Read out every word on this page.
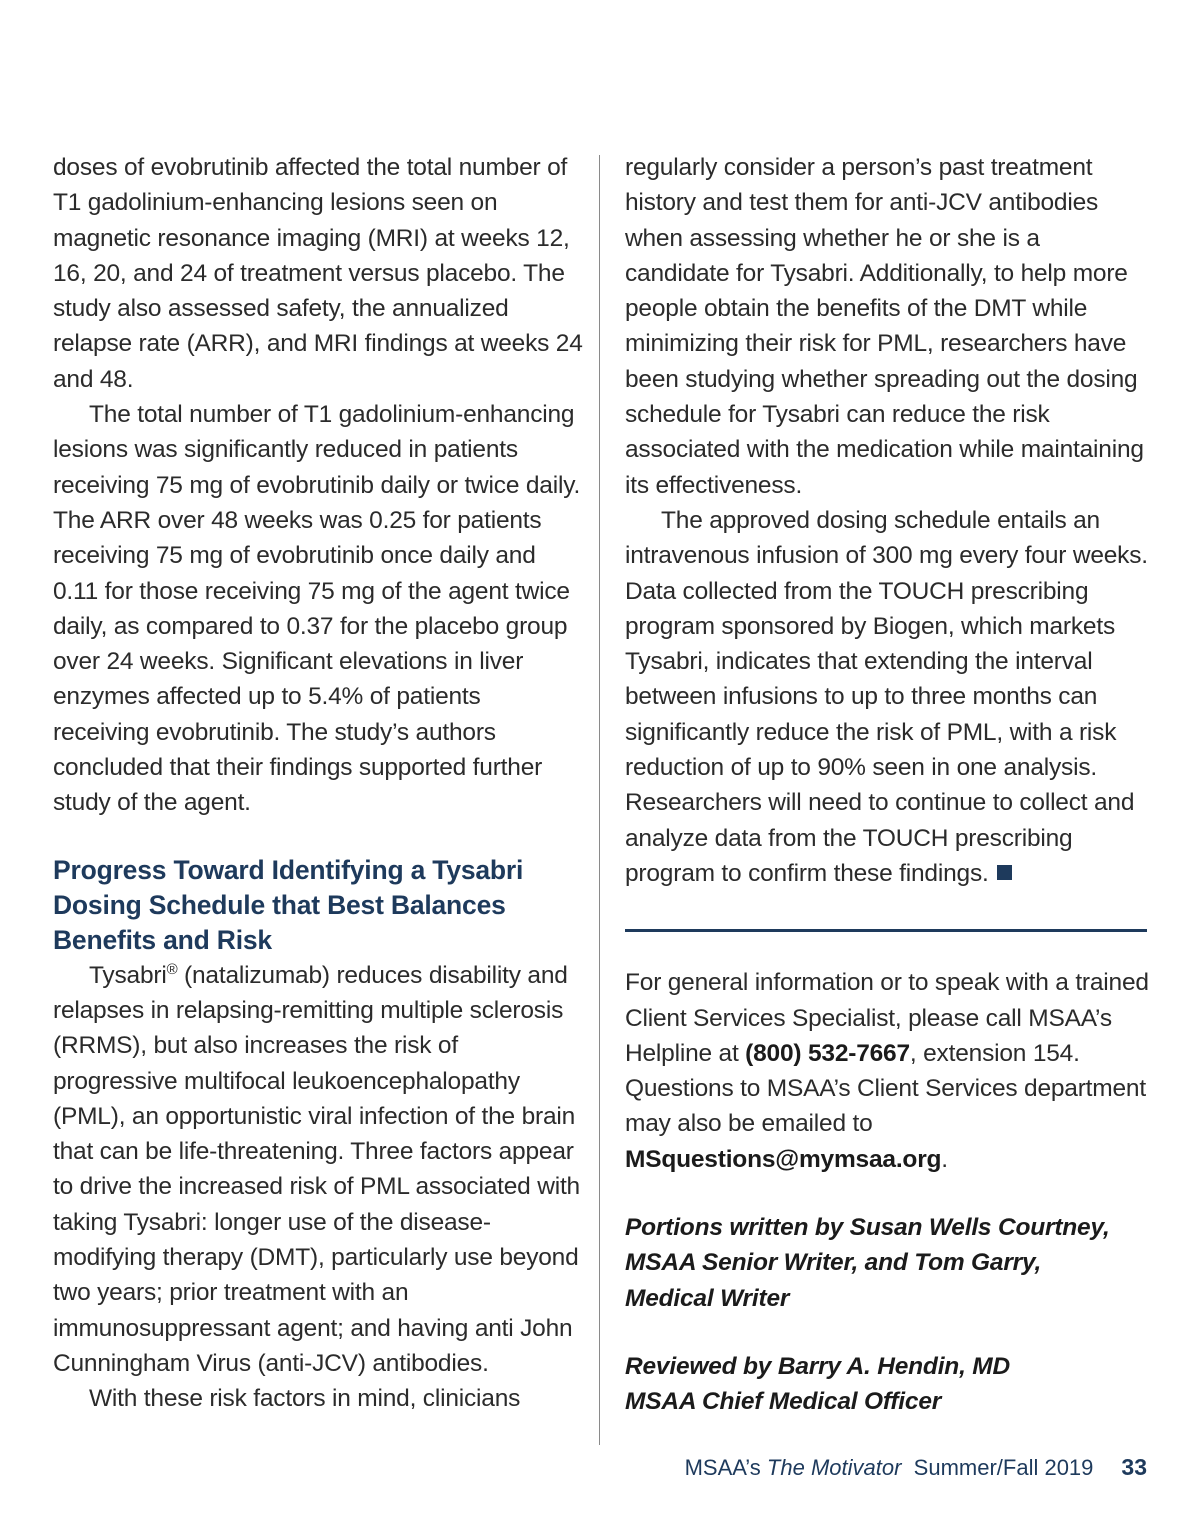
doses of evobrutinib affected the total number of T1 gadolinium-enhancing lesions seen on magnetic resonance imaging (MRI) at weeks 12, 16, 20, and 24 of treatment versus placebo. The study also assessed safety, the annualized relapse rate (ARR), and MRI findings at weeks 24 and 48.

The total number of T1 gadolinium-enhancing lesions was significantly reduced in patients receiving 75 mg of evobrutinib daily or twice daily. The ARR over 48 weeks was 0.25 for patients receiving 75 mg of evobrutinib once daily and 0.11 for those receiving 75 mg of the agent twice daily, as compared to 0.37 for the placebo group over 24 weeks. Significant elevations in liver enzymes affected up to 5.4% of patients receiving evobrutinib. The study’s authors concluded that their findings supported further study of the agent.

Progress Toward Identifying a Tysabri Dosing Schedule that Best Balances Benefits and Risk

Tysabri® (natalizumab) reduces disability and relapses in relapsing-remitting multiple sclerosis (RRMS), but also increases the risk of progressive multifocal leukoencephalopathy (PML), an opportunistic viral infection of the brain that can be life-threatening. Three factors appear to drive the increased risk of PML associated with taking Tysabri: longer use of the disease-modifying therapy (DMT), particularly use beyond two years; prior treatment with an immunosuppressant agent; and having anti John Cunningham Virus (anti-JCV) antibodies.

With these risk factors in mind, clinicians

regularly consider a person’s past treatment history and test them for anti-JCV antibodies when assessing whether he or she is a candidate for Tysabri. Additionally, to help more people obtain the benefits of the DMT while minimizing their risk for PML, researchers have been studying whether spreading out the dosing schedule for Tysabri can reduce the risk associated with the medication while maintaining its effectiveness.

The approved dosing schedule entails an intravenous infusion of 300 mg every four weeks. Data collected from the TOUCH prescribing program sponsored by Biogen, which markets Tysabri, indicates that extending the interval between infusions to up to three months can significantly reduce the risk of PML, with a risk reduction of up to 90% seen in one analysis. Researchers will need to continue to collect and analyze data from the TOUCH prescribing program to confirm these findings.

For general information or to speak with a trained Client Services Specialist, please call MSAA’s Helpline at (800) 532-7667, extension 154. Questions to MSAA’s Client Services department may also be emailed to MSquestions@mymsaa.org.

Portions written by Susan Wells Courtney,
MSAA Senior Writer, and Tom Garry,
Medical Writer

Reviewed by Barry A. Hendin, MD
MSAA Chief Medical Officer

MSAA’s The Motivator Summer/Fall 2019 33
